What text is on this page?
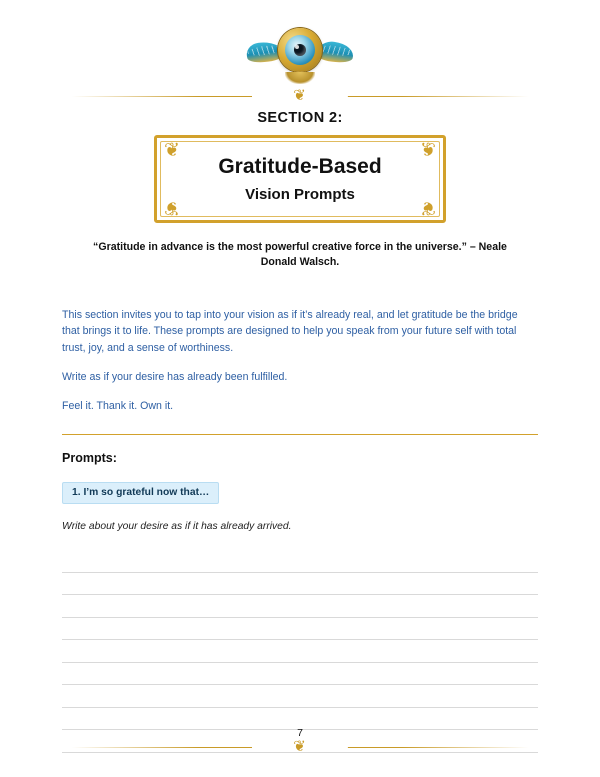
❦
SECTION 2:
❦	❦
❦	❦
Gratitude-Based
Vision Prompts
“Gratitude in advance is the most powerful creative force in the universe.” – Neale Donald Walsch.

This section invites you to tap into your vision as if it’s already real, and let gratitude be the bridge that brings it to life. These prompts are designed to help you speak from your future self with total trust, joy, and a sense of worthiness.

Write as if your desire has already been fulfilled.

Feel it. Thank it. Own it.

Prompts:
1. I’m so grateful now that…
Write about your desire as if it has already arrived.
7
❦
